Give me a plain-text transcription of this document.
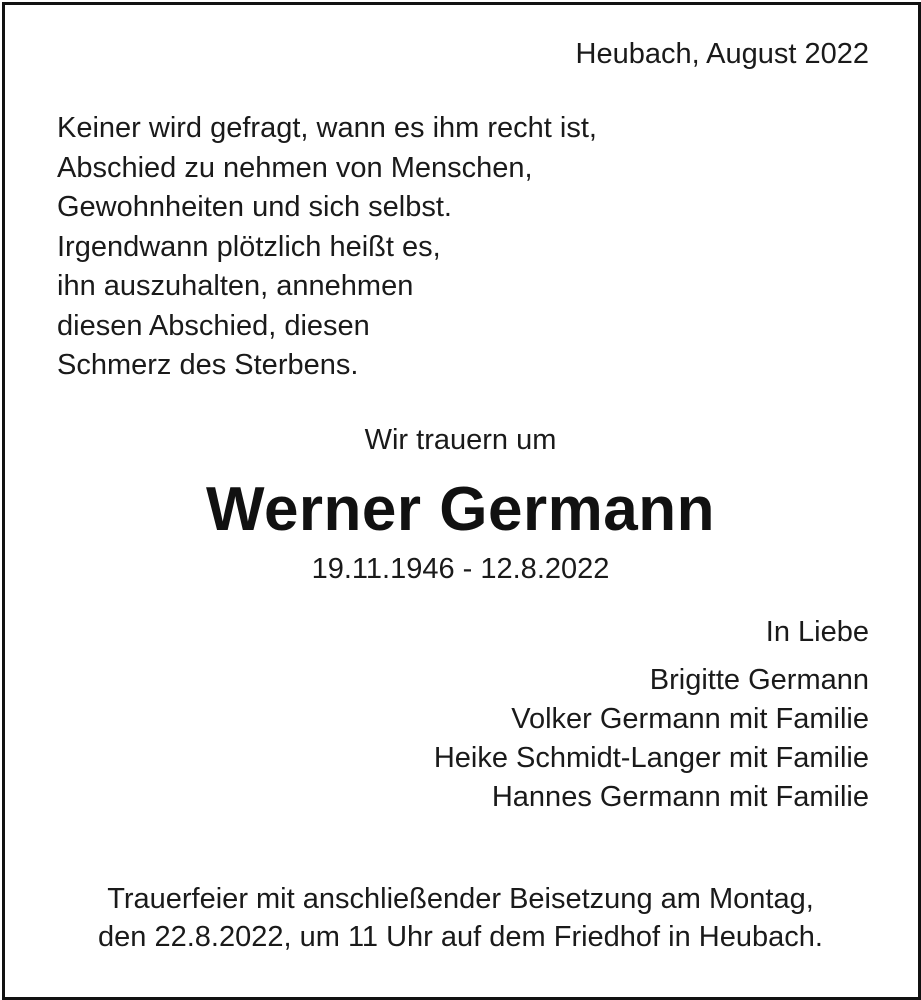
Heubach, August 2022
Keiner wird gefragt, wann es ihm recht ist,
Abschied zu nehmen von Menschen,
Gewohnheiten und sich selbst.
Irgendwann plötzlich heißt es,
ihn auszuhalten, annehmen
diesen Abschied, diesen
Schmerz des Sterbens.
Wir trauern um
Werner Germann
19.11.1946 - 12.8.2022
In Liebe
Brigitte Germann
Volker Germann mit Familie
Heike Schmidt-Langer mit Familie
Hannes Germann mit Familie
Trauerfeier mit anschließender Beisetzung am Montag,
den 22.8.2022, um 11 Uhr auf dem Friedhof in Heubach.
